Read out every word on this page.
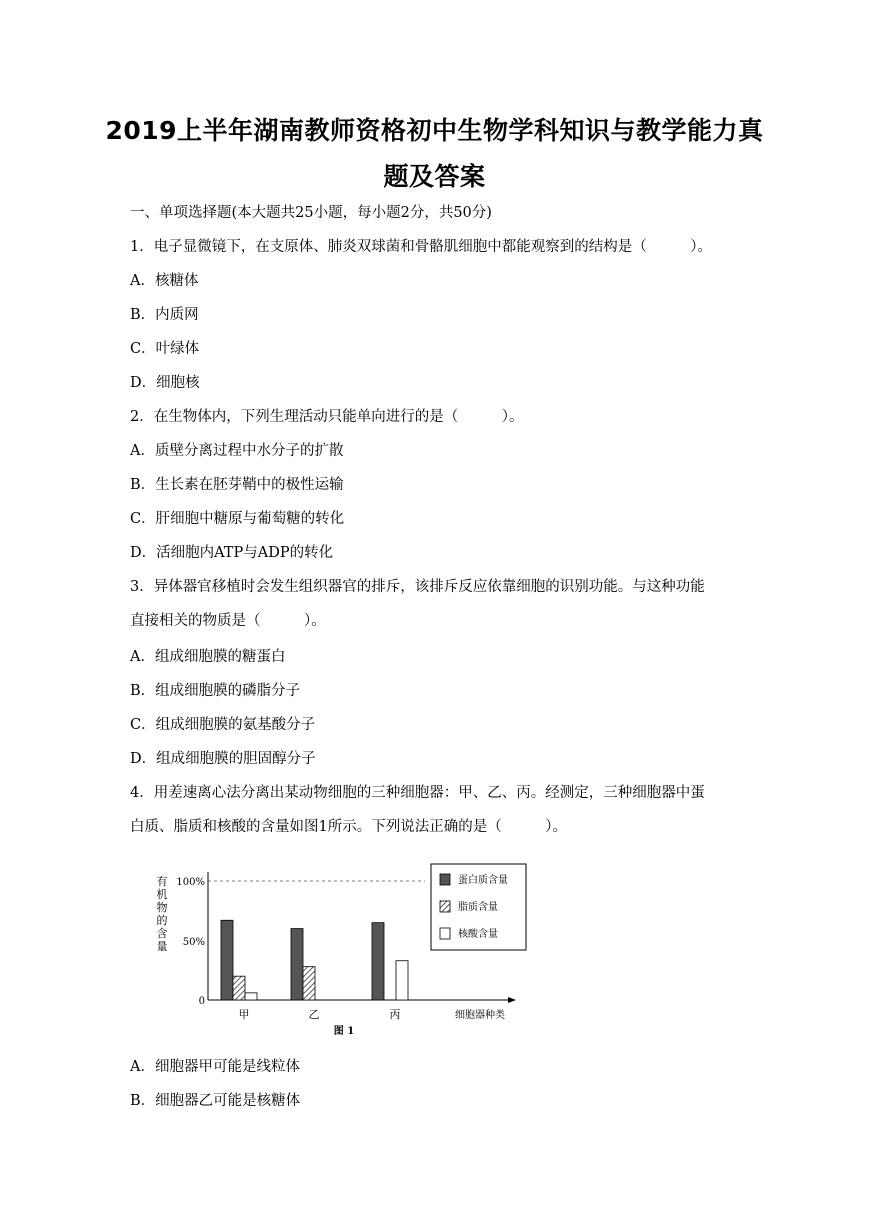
2019上半年湖南教师资格初中生物学科知识与教学能力真
题及答案
一、单项选择题(本大题共25小题，每小题2分，共50分)
1．电子显微镜下，在支原体、肺炎双球菌和骨骼肌细胞中都能观察到的结构是（　　　）。
A．核糖体
B．内质网
C．叶绿体
D．细胞核
2．在生物体内，下列生理活动只能单向进行的是（　　　）。
A．质壁分离过程中水分子的扩散
B．生长素在胚芽鞘中的极性运输
C．肝细胞中糖原与葡萄糖的转化
D．活细胞内ATP与ADP的转化
3．异体器官移植时会发生组织器官的排斥，该排斥反应依靠细胞的识别功能。与这种功能
直接相关的物质是（　　　）。
A．组成细胞膜的糖蛋白
B．组成细胞膜的磷脂分子
C．组成细胞膜的氨基酸分子
D．组成细胞膜的胆固醇分子
4．用差速离心法分离出某动物细胞的三种细胞器：甲、乙、丙。经测定，三种细胞器中蛋
白质、脂质和核酸的含量如图1所示。下列说法正确的是（　　　）。
有
机
物
的
含
量
0
50%
100%
甲	乙	丙	细胞器种类
图 1
蛋白质含量
脂质含量
核酸含量
A．细胞器甲可能是线粒体
B．细胞器乙可能是核糖体
